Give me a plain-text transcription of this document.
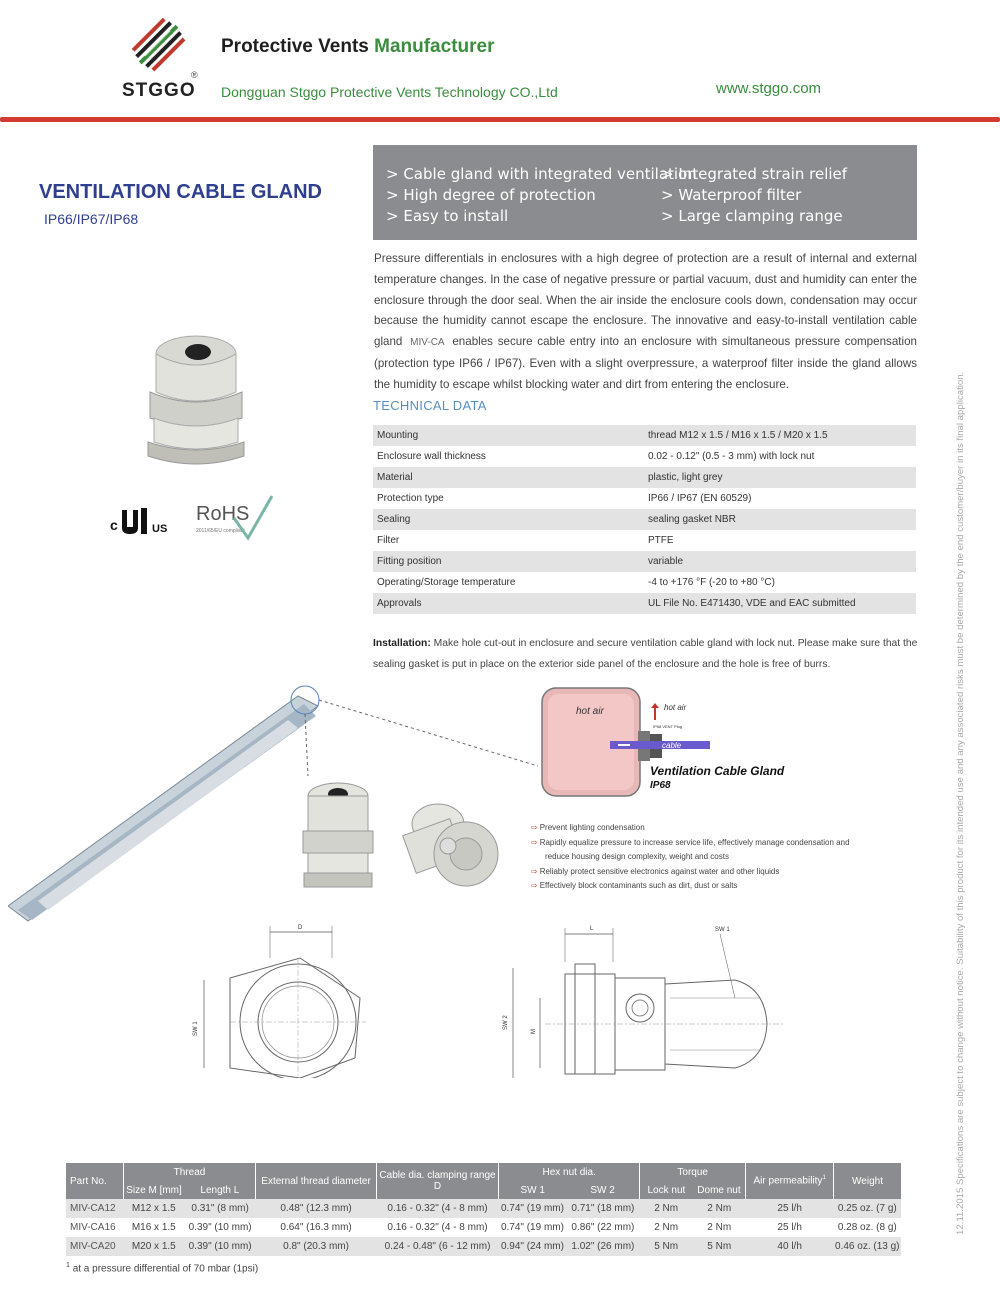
STGGO
®
Protective Vents Manufacturer
Dongguan Stggo Protective Vents Technology CO.,Ltd	www.stggo.com
VENTILATION CABLE GLAND
IP66/IP67/IP68
> Cable gland with integrated ventilation
> High degree of protection
> Easy to install
> Integrated strain relief
> Waterproof filter
> Large clamping range
Pressure differentials in enclosures with a high degree of protection are a result of internal and external temperature changes. In the case of negative pressure or partial vacuum, dust and humidity can enter the enclosure through the door seal. When the air inside the enclosure cools down, condensation may occur because the humidity cannot escape the enclosure. The innovative and easy-to-install ventilation cable gland MIV-CA enables secure cable entry into an enclosure with simultaneous pressure compensation (protection type IP66 / IP67). Even with a slight overpressure, a waterproof filter inside the gland allows the humidity to escape whilst blocking water and dirt from entering the enclosure.
TECHNICAL DATA
Mounting	thread M12 x 1.5 / M16 x 1.5 / M20 x 1.5
Enclosure wall thickness	0.02 - 0.12" (0.5 - 3 mm) with lock nut
Material	plastic, light grey
Protection type	IP66 / IP67 (EN 60529)
Sealing	sealing gasket NBR
Filter	PTFE
Fitting position	variable
Operating/Storage temperature	-4 to +176 °F (-20 to +80 °C)
Approvals	UL File No. E471430, VDE and EAC submitted
Installation: Make hole cut-out in enclosure and secure ventilation cable gland with lock nut. Please make sure that the sealing gasket is put in place on the exterior side panel of the enclosure and the hole is free of burrs.
c	US
RoHS
2011/65/EU compliant
hot air	hot air
IP68 VENT Plug
cable
Ventilation Cable Gland
IP68
⇨ Prevent lighting condensation
⇨ Rapidly equalize pressure to increase service life, effectively manage condensation and
reduce housing design complexity, weight and costs
⇨ Reliably protect sensitive electronics against water and other liquids
⇨ Effectively block contaminants such as dirt, dust or salts
D
SW 1
L	SW 1
SW 2
M	12.11.2015 Specifications are subject to change without notice. Suitability of this product for its intended use and any associated risks must be determined by the end customer/buyer in its final application.
Part No.	Thread		External thread diameter	Cable dia. clamping range D	Hex nut dia.		Torque		Air permeability$^1$	Weight
	Size M [mm]	Length L			SW 1	SW 2	Lock nut	Dome nut		
MIV-CA12	M12 x 1.5	0.31" (8 mm)	0.48" (12.3 mm)	0.16 - 0.32" (4 - 8 mm)	0.74" (19 mm)	0.71" (18 mm)	2 Nm	2 Nm	25 l/h	0.25 oz. (7 g)
MIV-CA16	M16 x 1.5	0.39" (10 mm)	0.64" (16.3 mm)	0.16 - 0.32" (4 - 8 mm)	0.74" (19 mm)	0.86" (22 mm)	2 Nm	2 Nm	25 l/h	0.28 oz. (8 g)
MIV-CA20	M20 x 1.5	0.39" (10 mm)	0.8" (20.3 mm)	0.24 - 0.48" (6 - 12 mm)	0.94" (24 mm)	1.02" (26 mm)	5 Nm	5 Nm	40 l/h	0.46 oz. (13 g)
$^1$ at a pressure differential of 70 mbar (1psi)
